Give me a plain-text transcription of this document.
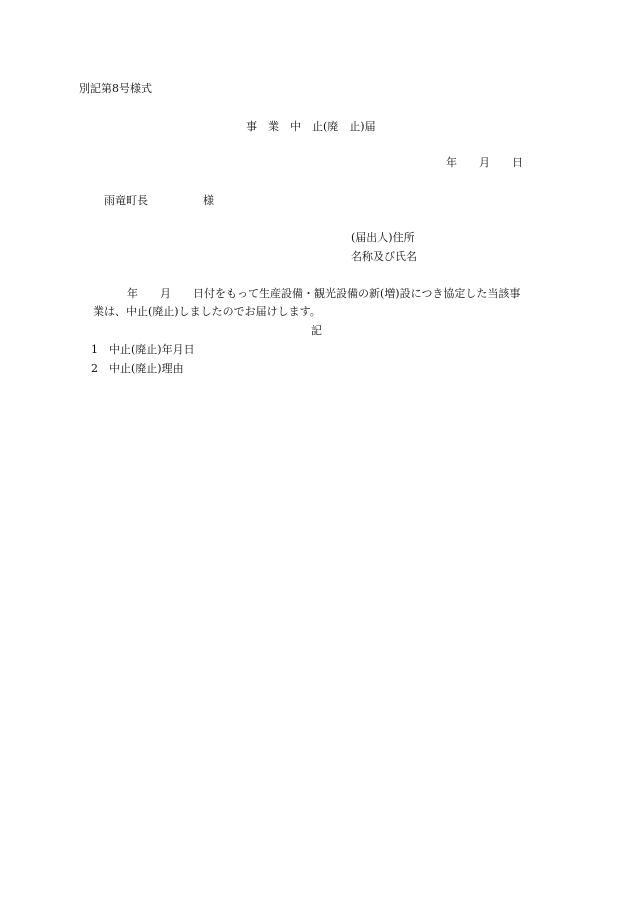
別記第8号様式
事　業　中　止(廃　止)届
年　　月　　日
雨竜町長　　　　　様
(届出人)住所
名称及び氏名
年　　月　　日付をもって生産設備・観光設備の新(増)設につき協定した当該事
業は、中止(廃止)しましたのでお届けします。
記
1　中止(廃止)年月日
2　中止(廃止)理由
